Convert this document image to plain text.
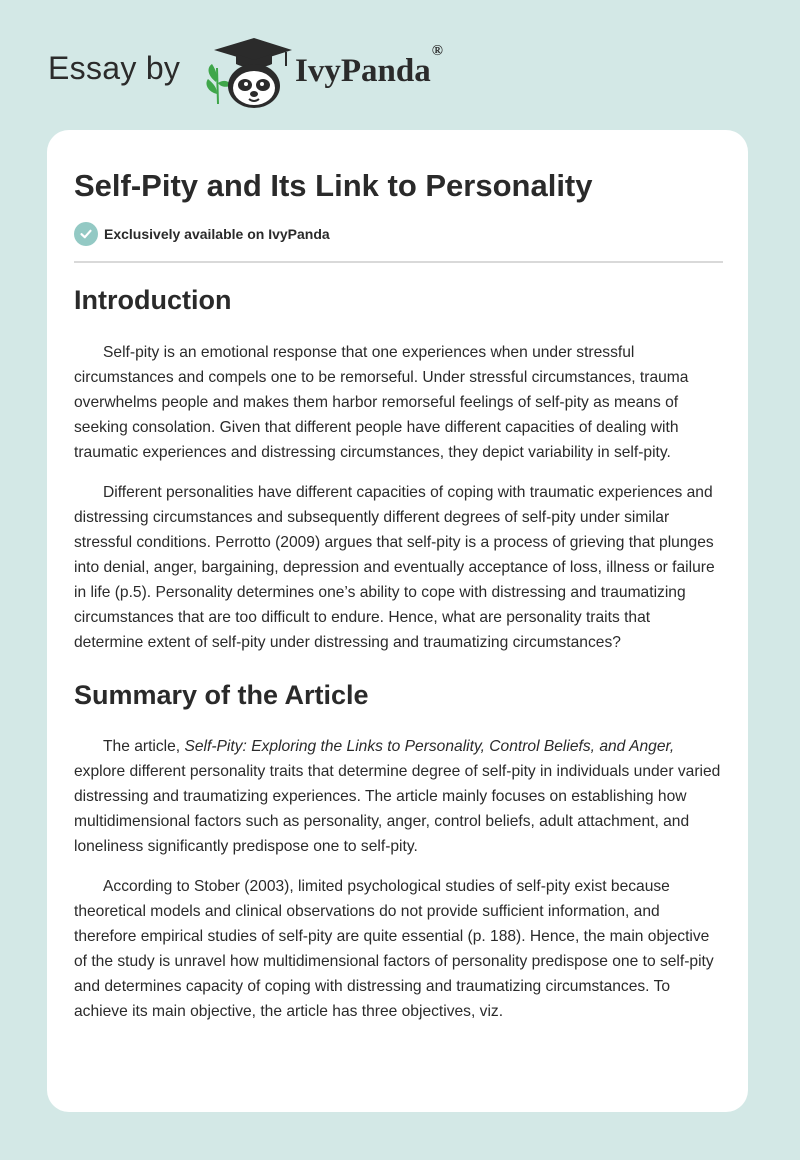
Essay by	IvyPanda®
Self-Pity and Its Link to Personality
Exclusively available on IvyPanda
Introduction

Self-pity is an emotional response that one experiences when under stressful circumstances and compels one to be remorseful. Under stressful circumstances, trauma overwhelms people and makes them harbor remorseful feelings of self-pity as means of seeking consolation. Given that different people have different capacities of dealing with traumatic experiences and distressing circumstances, they depict variability in self-pity.

Different personalities have different capacities of coping with traumatic experiences and distressing circumstances and subsequently different degrees of self-pity under similar stressful conditions. Perrotto (2009) argues that self-pity is a process of grieving that plunges into denial, anger, bargaining, depression and eventually acceptance of loss, illness or failure in life (p.5). Personality determines one’s ability to cope with distressing and traumatizing circumstances that are too difficult to endure. Hence, what are personality traits that determine extent of self-pity under distressing and traumatizing circumstances?

Summary of the Article

The article, Self-Pity: Exploring the Links to Personality, Control Beliefs, and Anger, explore different personality traits that determine degree of self-pity in individuals under varied distressing and traumatizing experiences. The article mainly focuses on establishing how multidimensional factors such as personality, anger, control beliefs, adult attachment, and loneliness significantly predispose one to self-pity.

According to Stober (2003), limited psychological studies of self-pity exist because theoretical models and clinical observations do not provide sufficient information, and therefore empirical studies of self-pity are quite essential (p. 188). Hence, the main objective of the study is unravel how multidimensional factors of personality predispose one to self-pity and determines capacity of coping with distressing and traumatizing circumstances. To achieve its main objective, the article has three objectives, viz.
